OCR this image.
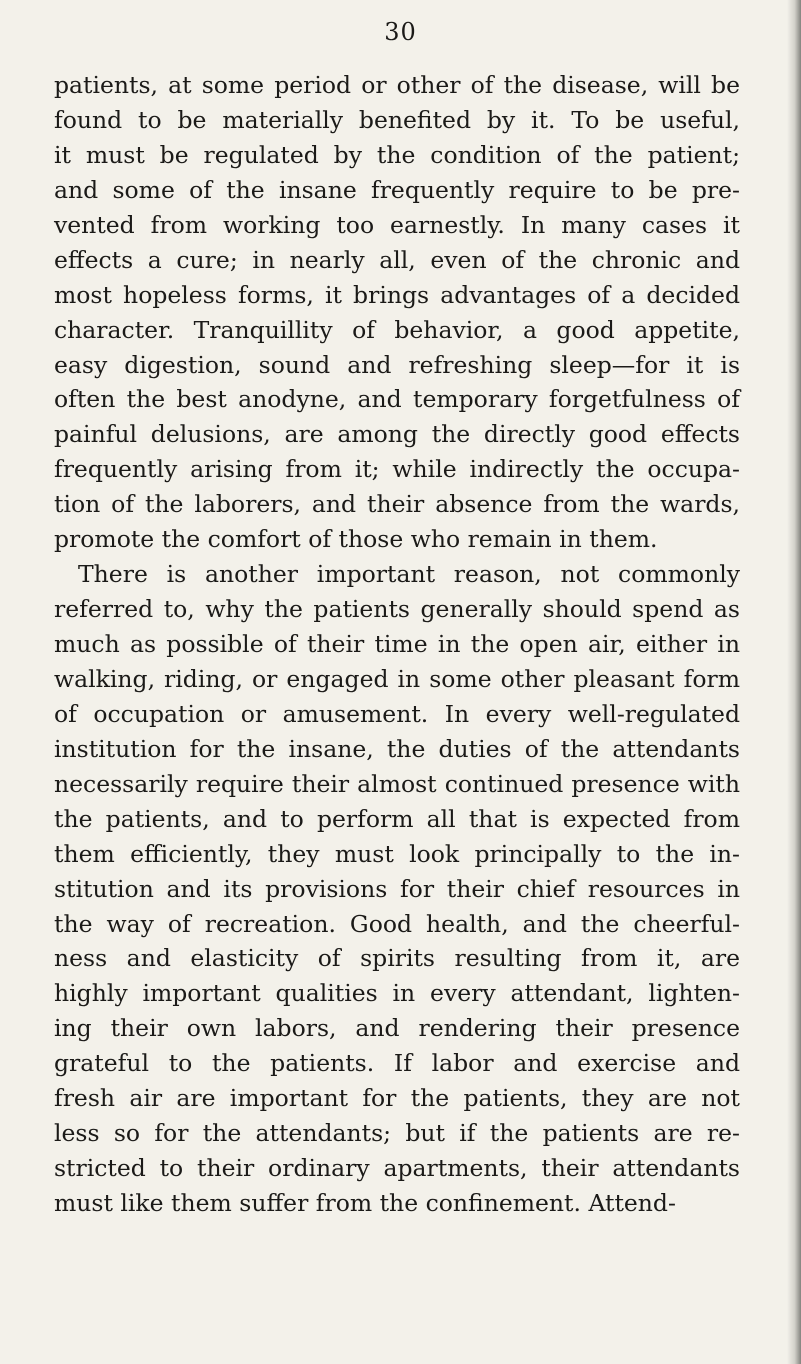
30
patients, at some period or other of the disease, will be
found to be materially benefited by it. To be useful,
it must be regulated by the condition of the patient;
and some of the insane frequently require to be pre-
vented from working too earnestly. In many cases it
effects a cure; in nearly all, even of the chronic and
most hopeless forms, it brings advantages of a decided
character. Tranquillity of behavior, a good appetite,
easy digestion, sound and refreshing sleep—for it is
often the best anodyne, and temporary forgetfulness of
painful delusions, are among the directly good effects
frequently arising from it; while indirectly the occupa-
tion of the laborers, and their absence from the wards,
promote the comfort of those who remain in them.
There is another important reason, not commonly
referred to, why the patients generally should spend as
much as possible of their time in the open air, either in
walking, riding, or engaged in some other pleasant form
of occupation or amusement. In every well-regulated
institution for the insane, the duties of the attendants
necessarily require their almost continued presence with
the patients, and to perform all that is expected from
them efficiently, they must look principally to the in-
stitution and its provisions for their chief resources in
the way of recreation. Good health, and the cheerful-
ness and elasticity of spirits resulting from it, are
highly important qualities in every attendant, lighten-
ing their own labors, and rendering their presence
grateful to the patients. If labor and exercise and
fresh air are important for the patients, they are not
less so for the attendants; but if the patients are re-
stricted to their ordinary apartments, their attendants
must like them suffer from the confinement. Attend-
